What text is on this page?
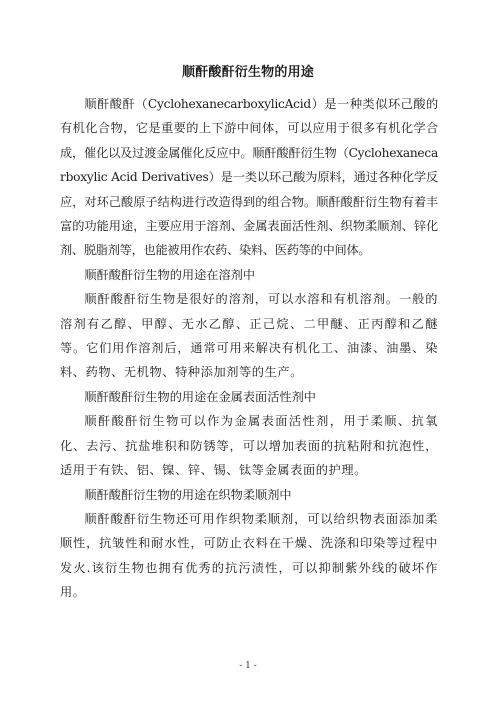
顺酐酸酐衍生物的用途

顺酐酸酐（CyclohexanecarboxylicAcid）是一种类似环己酸的有机化合物，它是重要的上下游中间体，可以应用于很多有机化学合成，催化以及过渡金属催化反应中。顺酐酸酐衍生物（Cyclohexanecarboxylic Acid Derivatives）是一类以环己酸为原料，通过各种化学反应，对环己酸原子结构进行改造得到的组合物。顺酐酸酐衍生物有着丰富的功能用途，主要应用于溶剂、金属表面活性剂、织物柔顺剂、锌化剂、脱脂剂等，也能被用作农药、染料、医药等的中间体。

顺酐酸酐衍生物的用途在溶剂中

顺酐酸酐衍生物是很好的溶剂，可以水溶和有机溶剂。一般的溶剂有乙醇、甲醇、无水乙醇、正己烷、二甲醚、正丙醇和乙醚等。它们用作溶剂后，通常可用来解决有机化工、油漆、油墨、染料、药物、无机物、特种添加剂等的生产。

顺酐酸酐衍生物的用途在金属表面活性剂中

顺酐酸酐衍生物可以作为金属表面活性剂，用于柔顺、抗氧化、去污、抗盐堆积和防锈等，可以增加表面的抗粘附和抗泡性，适用于有铁、铝、镍、锌、锡、钛等金属表面的护理。

顺酐酸酐衍生物的用途在织物柔顺剂中

顺酐酸酐衍生物还可用作织物柔顺剂，可以给织物表面添加柔顺性，抗皱性和耐水性，可防止衣料在干燥、洗涤和印染等过程中发火.该衍生物也拥有优秀的抗污渍性，可以抑制紫外线的破坏作用。

- 1 -
